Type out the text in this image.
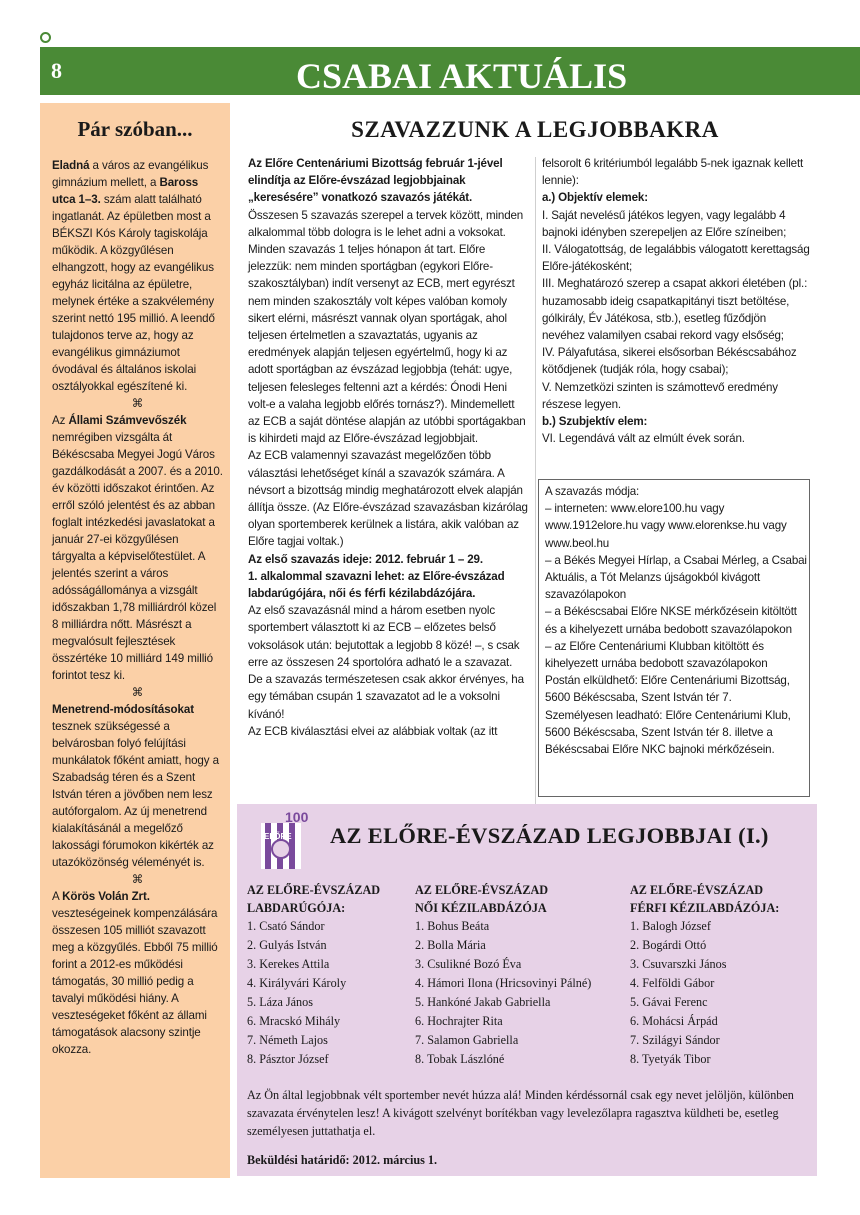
8	CSABAI AKTUÁLIS
Pár szóban...

Eladná a város az evangélikus gimnázium mellett, a Baross utca 1–3. szám alatt található ingatlanát. Az épületben most a BÉKSZI Kós Károly tagiskolája működik. A közgyűlésen elhangzott, hogy az evangélikus egyház licitálna az épületre, melynek értéke a szakvélemény szerint nettó 195 millió. A leendő tulajdonos terve az, hogy az evangélikus gimnáziumot óvodával és általános iskolai osztályokkal egészítené ki.

⌘

Az Állami Számvevőszék nemrégiben vizsgálta át Békéscsaba Megyei Jogú Város gazdálkodását a 2007. és a 2010. év közötti időszakot érintően. Az erről szóló jelentést és az abban foglalt intézkedési javaslatokat a január 27-ei közgyűlésen tárgyalta a képviselőtestület. A jelentés szerint a város adósságállománya a vizsgált időszakban 1,78 milliárdról közel 8 milliárdra nőtt. Másrészt a megvalósult fejlesztések összértéke 10 milliárd 149 millió forintot tesz ki.

⌘

Menetrend-módosításokat tesznek szükségessé a belvárosban folyó felújítási munkálatok főként amiatt, hogy a Szabadság téren és a Szent István téren a jövőben nem lesz autóforgalom. Az új menetrend kialakításánál a megelőző lakossági fórumokon kikérték az utazóközönség véleményét is.

⌘

A Körös Volán Zrt. veszteségeinek kompenzálására összesen 105 milliót szavazott meg a közgyűlés. Ebből 75 millió forint a 2012-es működési támogatás, 30 millió pedig a tavalyi működési hiány. A veszteségeket főként az állami támogatások alacsony szintje okozza.

SZAVAZZUNK A LEGJOBBAKRA

Az Előre Centenáriumi Bizottság február 1-jével elindítja az Előre-évszázad legjobbjainak „keresésére” vonatkozó szavazós játékát.

Összesen 5 szavazás szerepel a tervek között, minden alkalommal több dologra is le lehet adni a voksokat. Minden szavazás 1 teljes hónapon át tart. Előre jelezzük: nem minden sportágban (egykori Előre-szakosztályban) indít versenyt az ECB, mert egyrészt nem minden szakosztály volt képes valóban komoly sikert elérni, másrészt vannak olyan sportágak, ahol teljesen értelmetlen a szavaztatás, ugyanis az eredmények alapján teljesen egyértelmű, hogy ki az adott sportágban az évszázad legjobbja (tehát: ugye, teljesen felesleges feltenni azt a kérdés: Ónodi Heni volt-e a valaha legjobb előrés tornász?). Mindemellett az ECB a saját döntése alapján az utóbbi sportágakban is kihirdeti majd az Előre-évszázad legjobbjait.

Az ECB valamennyi szavazást megelőzően több választási lehetőséget kínál a szavazók számára. A névsort a bizottság mindig meghatározott elvek alapján állítja össze. (Az Előre-évszázad szavazásban kizárólag olyan sportemberek kerülnek a listára, akik valóban az Előre tagjai voltak.)

Az első szavazás ideje: 2012. február 1 – 29.

1. alkalommal szavazni lehet: az Előre-évszázad labdarúgójára, női és férfi kézilabdázójára.

Az első szavazásnál mind a három esetben nyolc sportembert választott ki az ECB – előzetes belső voksolások után: bejutottak a legjobb 8 közé! –, s csak erre az összesen 24 sportolóra adható le a szavazat. De a szavazás természetesen csak akkor érvényes, ha egy témában csupán 1 szavazatot ad le a voksolni kívánó!

Az ECB kiválasztási elvei az alábbiak voltak (az itt

felsorolt 6 kritériumból legalább 5-nek igaznak kellett lennie):

a.) Objektív elemek:

I. Saját nevelésű játékos legyen, vagy legalább 4 bajnoki idényben szerepeljen az Előre színeiben;

II. Válogatottság, de legalábbis válogatott kerettagság Előre-játékosként;

III. Meghatározó szerep a csapat akkori életében (pl.: huzamosabb ideig csapatkapitányi tiszt betöltése, gólkirály, Év Játékosa, stb.), esetleg fűződjön nevéhez valamilyen csabai rekord vagy elsőség;

IV. Pályafutása, sikerei elsősorban Békéscsabához kötődjenek (tudják róla, hogy csabai);

V. Nemzetközi szinten is számottevő eredmény részese legyen.

b.) Szubjektív elem:

VI. Legendává vált az elmúlt évek során.

A szavazás módja:

– interneten: www.elore100.hu vagy www.1912elore.hu vagy www.elorenkse.hu vagy www.beol.hu

– a Békés Megyei Hírlap, a Csabai Mérleg, a Csabai Aktuális, a Tót Melanzs újságokból kivágott szavazólapokon

– a Békéscsabai Előre NKSE mérkőzésein kitöltött és a kihelyezett urnába bedobott szavazólapokon

– az Előre Centenáriumi Klubban kitöltött és kihelyezett urnába bedobott szavazólapokon

Postán elküldhető: Előre Centenáriumi Bizottság, 5600 Békéscsaba, Szent István tér 7.

Személyesen leadható: Előre Centenáriumi Klub, 5600 Békéscsaba, Szent István tér 8. illetve a Békéscsabai Előre NKC bajnoki mérkőzésein.

100
ELŐRE AZ ELŐRE-ÉVSZÁZAD LEGJOBBJAI (I.)
AZ ELŐRE-ÉVSZÁZAD
LABDARÚGÓJA:

1. Csató Sándor

2. Gulyás István

3. Kerekes Attila

4. Királyvári Károly

5. Láza János

6. Mracskó Mihály

7. Németh Lajos

8. Pásztor József

AZ ELŐRE-ÉVSZÁZAD
NŐI KÉZILABDÁZÓJA

1. Bohus Beáta

2. Bolla Mária

3. Csulikné Bozó Éva

4. Hámori Ilona (Hricsovinyi Pálné)

5. Hankóné Jakab Gabriella

6. Hochrajter Rita

7. Salamon Gabriella

8. Tobak Lászlóné

AZ ELŐRE-ÉVSZÁZAD
FÉRFI KÉZILABDÁZÓJA:

1. Balogh József

2. Bogárdi Ottó

3. Csuvarszki János

4. Felföldi Gábor

5. Gávai Ferenc

6. Mohácsi Árpád

7. Szilágyi Sándor

8. Tyetyák Tibor

Az Ön által legjobbnak vélt sportember nevét húzza alá! Minden kérdéssornál csak egy nevet jelöljön, különben szavazata érvénytelen lesz! A kivágott szelvényt borítékban vagy levelezőlapra ragasztva küldheti be, esetleg személyesen juttathatja el.
Beküldési határidő: 2012. március 1.
